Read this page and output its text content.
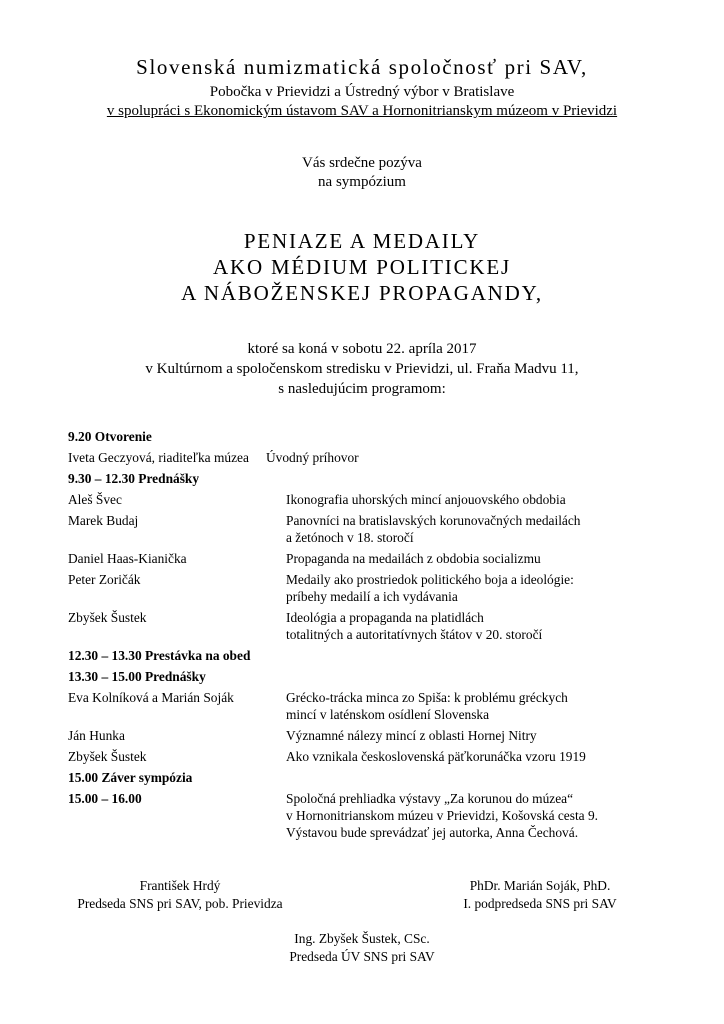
Slovenská numizmatická spoločnosť pri SAV,
Pobočka v Prievidzi a Ústredný výbor v Bratislave
v spolupráci s Ekonomickým ústavom SAV a Hornonitrianskym múzeom v Prievidzi
Vás srdečne pozýva
na sympózium
PENIAZE A MEDAILY
AKO MÉDIUM POLITICKEJ
A NÁBOŽENSKEJ PROPAGANDY,
ktoré sa koná v sobotu 22. apríla 2017
v Kultúrnom a spoločenskom stredisku v Prievidzi, ul. Fraňa Madvu 11,
s nasledujúcim programom:
9.20 Otvorenie
Iveta Geczyová, riaditeľka múzea Úvodný príhovor
9.30 – 12.30 Prednášky
Aleš Švec	Ikonografia uhorských mincí anjouovského obdobia
Marek Budaj	Panovníci na bratislavských korunovačných medailách
a žetónoch v 18. storočí
Daniel Haas-Kianička	Propaganda na medailách z obdobia socializmu
Peter Zoričák	Medaily ako prostriedok politického boja a ideológie:
príbehy medailí a ich vydávania
Zbyšek Šustek	Ideológia a propaganda na platidlách
totalitných a autoritatívnych štátov v 20. storočí
12.30 – 13.30 Prestávka na obed
13.30 – 15.00 Prednášky
Eva Kolníková a Marián Soják	Grécko-trácka minca zo Spiša: k problému gréckych
mincí v laténskom osídlení Slovenska
Ján Hunka	Významné nálezy mincí z oblasti Hornej Nitry
Zbyšek Šustek	Ako vznikala československá päťkorunáčka vzoru 1919
15.00 Záver sympózia
15.00 – 16.00	Spoločná prehliadka výstavy „Za korunou do múzea“
v Hornonitrianskom múzeu v Prievidzi, Košovská cesta 9.
Výstavou bude sprevádzať jej autorka, Anna Čechová.
František Hrdý
Predseda SNS pri SAV, pob. Prievidza
PhDr. Marián Soják, PhD.
I. podpredseda SNS pri SAV
Ing. Zbyšek Šustek, CSc.
Predseda ÚV SNS pri SAV
